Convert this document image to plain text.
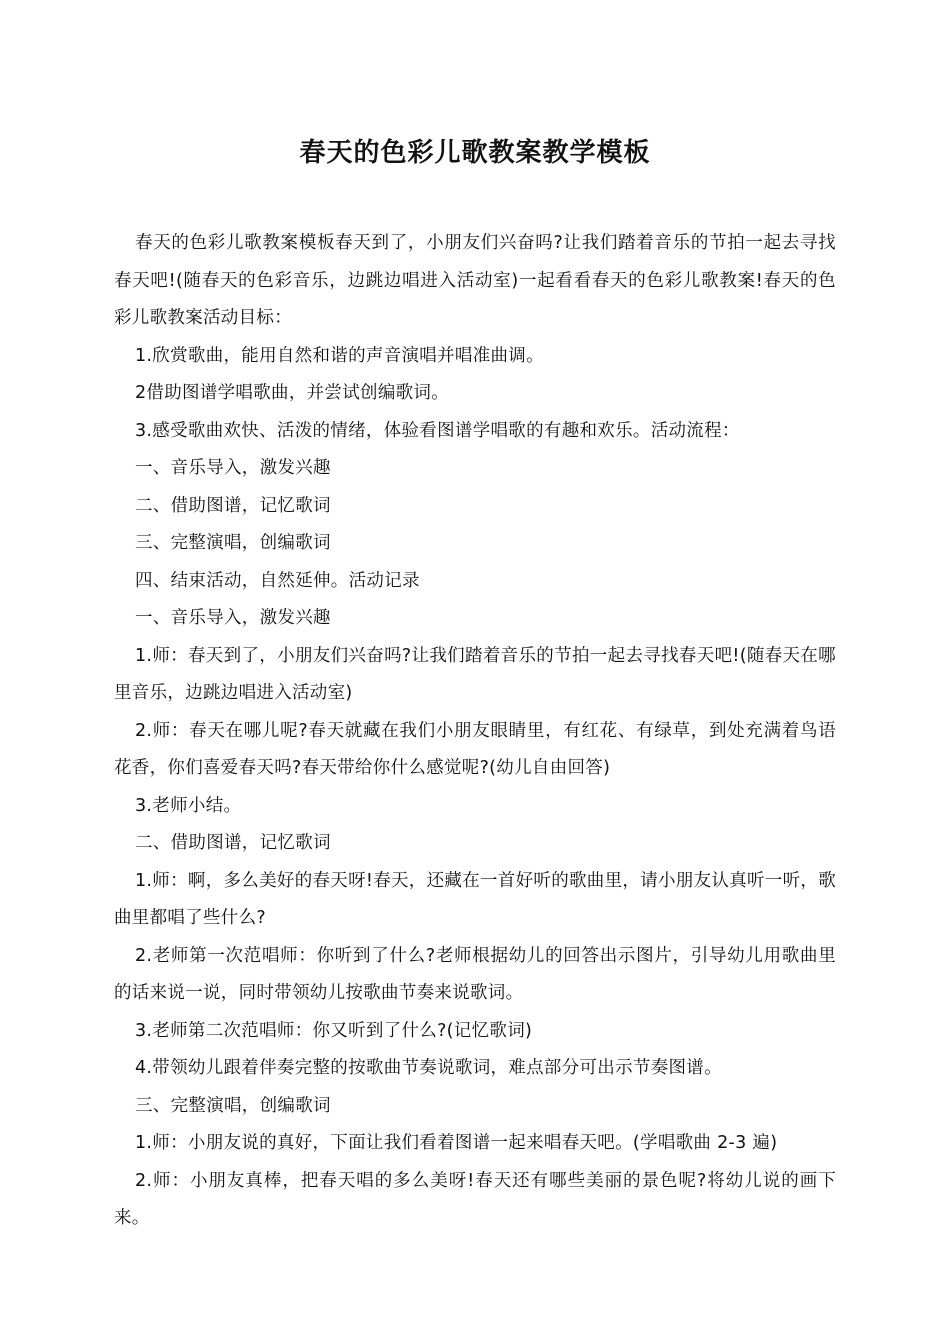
春天的色彩儿歌教案教学模板

春天的色彩儿歌教案模板春天到了，小朋友们兴奋吗?让我们踏着音乐的节拍一起去寻找春天吧!(随春天的色彩音乐，边跳边唱进入活动室)一起看看春天的色彩儿歌教案!春天的色彩儿歌教案活动目标：

1.欣赏歌曲，能用自然和谐的声音演唱并唱准曲调。

2借助图谱学唱歌曲，并尝试创编歌词。

3.感受歌曲欢快、活泼的情绪，体验看图谱学唱歌的有趣和欢乐。活动流程：

一、音乐导入，激发兴趣

二、借助图谱，记忆歌词

三、完整演唱，创编歌词

四、结束活动，自然延伸。活动记录

一、音乐导入，激发兴趣

1.师：春天到了，小朋友们兴奋吗?让我们踏着音乐的节拍一起去寻找春天吧!(随春天在哪里音乐，边跳边唱进入活动室)

2.师：春天在哪儿呢?春天就藏在我们小朋友眼睛里，有红花、有绿草，到处充满着鸟语花香，你们喜爱春天吗?春天带给你什么感觉呢?(幼儿自由回答)

3.老师小结。

二、借助图谱，记忆歌词

1.师：啊，多么美好的春天呀!春天，还藏在一首好听的歌曲里，请小朋友认真听一听，歌曲里都唱了些什么?

2.老师第一次范唱师：你听到了什么?老师根据幼儿的回答出示图片，引导幼儿用歌曲里的话来说一说，同时带领幼儿按歌曲节奏来说歌词。

3.老师第二次范唱师：你又听到了什么?(记忆歌词)

4.带领幼儿跟着伴奏完整的按歌曲节奏说歌词，难点部分可出示节奏图谱。

三、完整演唱，创编歌词

1.师：小朋友说的真好，下面让我们看着图谱一起来唱春天吧。(学唱歌曲 2-3 遍)

2.师：小朋友真棒，把春天唱的多么美呀!春天还有哪些美丽的景色呢?将幼儿说的画下来。
